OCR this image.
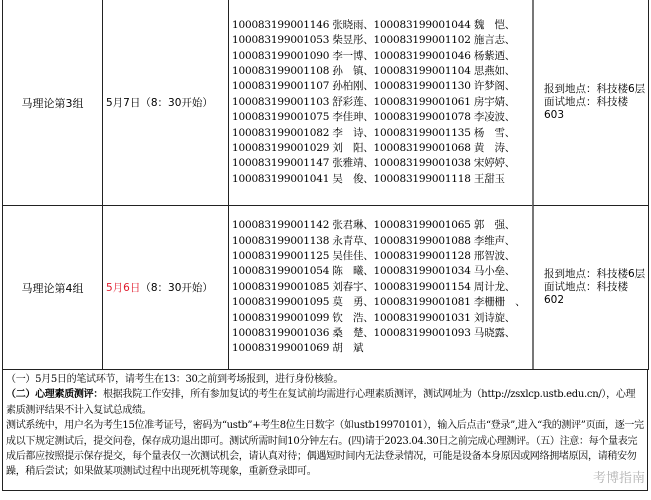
马理论第3组 5月7日 （8：30开始）
100083199001146 张晓雨、100083199001044 魏　恺、
100083199001053 柴昱彤、100083199001102 施言志、
100083199001090 李一博、100083199001046 杨紫迺、
100083199001108 孙　镇、100083199001104 思燕如、
100083199001107 孙柏刚、100083199001130 许梦阁、
100083199001103 舒彩莲、100083199001061 房宇婧、
100083199001075 李佳珅、100083199001078 李凌波、
100083199001082 李　诗、100083199001135 杨　雪、
100083199001029 刘　阳、100083199001068 黄　涛、
100083199001147 张雅靖、100083199001038 宋婷婷、
100083199001041 吴　俊、100083199001118 王甜玉
报到地点：科技楼6层
面试地点：科技楼603
马理论第4组 5月6日 （8：30开始）
100083199001142 张君琳、100083199001065 郭　强、
100083199001138 永青草、100083199001088 李维声、
100083199001125 吴佳佳、100083199001128 邢智波、
100083199001054 陈　曦、100083199001034 马小垒、
100083199001085 刘春宇、100083199001154 周计龙、
100083199001095 莫　勇、100083199001081 李栅栅　、
100083199001099 钦　浩、100083199001031 刘诗旋、
100083199001036 桑　楚、100083199001093 马晓露、
100083199001069 胡　斌
报到地点：科技楼6层
面试地点：科技楼602
（一）5月5日的笔试环节，请考生在13：30之前到考场报到，进行身份核验。
（二）心理素质测评：根据我院工作安排，所有参加复试的考生在复试前均需进行心理素质测评，测试网址为（http://zsxlcp.ustb.edu.cn/），心理素质测评结果不计入复试总成绩。
测试系统中，用户名为考生15位准考证号，密码为“ustb”+考生8位生日数字（如ustb19970101），输入后点击“登录”,进入“我的测评”页面，逐一完成以下规定测试后，提交问卷，保存成功退出即可。测试所需时间10分钟左右。(四)请于2023.04.30日之前完成心理测评。（五）注意：每个量表完成后都应按照提示保存提交，每个量表仅一次测试机会，请认真对待；偶遇短时间内无法登录情况，可能是设备本身原因或网络拥堵原因，请稍安勿躁，稍后尝试；如果做某项测试过程中出现死机等现象，重新登录即可。	考博指南
